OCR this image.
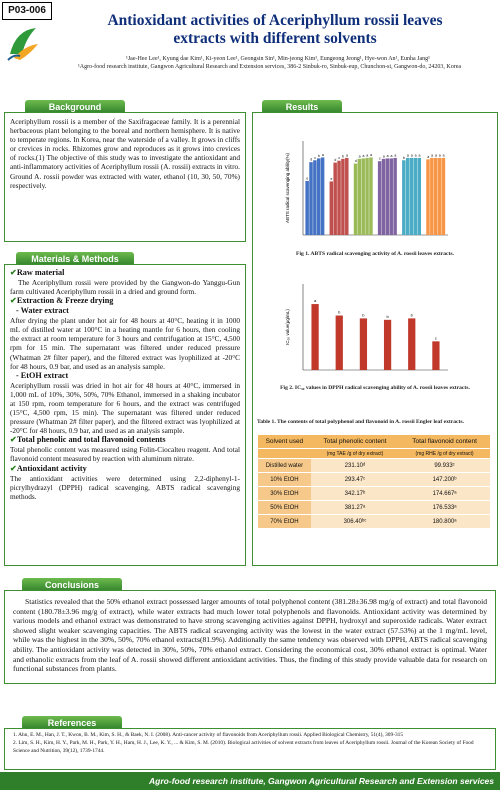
P03-006
Antioxidant activities of Aceriphyllum rossii leaves
extracts with different solvents
¹Jae-Hee Lee¹, Kyung dae Kim¹, Ki-yeon Lee¹, Geongsin Sin¹, Min-jeong Kim¹, Eungeong Jeong¹, Hye-won An¹, Eunha Jang¹
¹Agro-food research institute, Gangwon Agricultural Research and Extension services, 386-2 Sinbuk-ro, Sinbuk-eup, Chunchon-si, Gangwon-do, 24203, Korea
Background
Aceriphyllum rossii is a member of the Saxifragaceae family. It is a perennial herbaceous plant belonging to the boreal and northern hemisphere. It is native to temperate regions. In Korea, near the waterside of a valley. It grows in cliffs or crevices in rocks. Rhizomes grow and reproduces as it grows into crevices of rocks.(1) The objective of this study was to investigate the antioxidant and anti-inflammatory activities of Aceriphyllum rossii (A. rossii) extracts in vitro. Ground A. rossii powder was extracted with water, ethanol (10, 30, 50, 70%) respectively.
Materials & Methods
✔Raw material

The Aceriphyllum rossii were provided by the Gangwon-do Yanggu-Gun farm cultivated Aceriphyllum rossii in a dried and ground form.

✔Extraction & Freeze drying
- Water extract

After drying the plant under hot air for 48 hours at 40°C, heating it in 1000 mL of distilled water at 100°C in a heating mantle for 6 hours, then cooling the extract at room temperature for 3 hours and centrifugation at 15°C, 4,500 rpm for 15 min. The supernatant was filtered under reduced pressure (Whatman 2# filter paper), and the filtered extract was lyophilized at -20°C for 48 hours, 0.9 bar, and used as an analysis sample.

- EtOH extract

Aceriphyllum rossii was dried in hot air for 48 hours at 40°C, immersed in 1,000 mL of 10%, 30%, 50%, 70% Ethanol, immersed in a shaking incubator at 150 rpm, room temperature for 6 hours, and the extract was centrifuged (15°C, 4,500 rpm, 15 min). The supernatant was filtered under reduced pressure (Whatman 2# filter paper), and the filtered extract was lyophilized at -20°C for 48 hours, 0.9 bar, and used as an analysis sample.

✔Total phenolic and total flavonoid contents

Total phenolic content was measured using Folin-Ciocalteu reagent. And total flavonoid content measured by reaction with aluminum nitrate.

✔Antioxidant activity

The antioxidant activities were determined using 2,2-diphenyl-1-picrylhydrazyl (DPPH) radical scavenging, ABTS radical scavenging methods.

Results
ABTS radical scavenging ability(%)	e
d c b a
e
d c b a
d
a a a a
c
a a a a
b
a a a a a a a a a
Fig 1. ABTS radical scavenging activity of A. rossii leaves extracts.
IC₅₀ value(μg/mL)
a
b
b	b	b
c
Fig 2. IC₅₀ values in DPPH radical scavenging ability of A. rossii leaves extracts.
Table 1. The contents of total polyphenol and flavonoid in A. rossii Engler leaf extracts.
Solvent used	Total phenolic content	Total flavonoid content
	(mg TAE /g of dry extract)	(mg RHE /g of dry extract)
Distilled water	231.10ᵈ	99.933ᶜ
10% EtOH	293.47ᶜ	147.200ᵇ
30% EtOH	342.17ᵇ	174.667ᵃ
50% EtOH	381.27ᵃ	176.533ᵃ
70% EtOH	306.40ᵇᶜ	180.800ᵃ
Conclusions
Statistics revealed that the 50% ethanol extract possessed larger amounts of total polyphenol content (381.28±36.98 mg/g of extract) and total flavonoid content (180.78±3.96 mg/g of extract), while water extracts had much lower total polyphenols and flavonoids. Antioxidant activity was determined by various models and ethanol extract was demonstrated to have strong scavenging activities against DPPH, hydroxyl and superoxide radicals. Water extract showed slight weaker scavenging capacities. The ABTS radical scavenging activity was the lowest in the water extract (57.53%) at the 1 mg/mL level, while was the highest in the 30%, 50%, 70% ethanol extracts(81.9%). Additionally the same tendency was observed with DPPH, ABTS radical scavenging ability. The antioxidant activity was detected in 30%, 50%, 70% ethanol extract. Considering the economical cost, 30% ethanol extract is optimal. Water and ethanolic extracts from the leaf of A. rossii showed different antioxidant activities. Thus, the finding of this study provide valuable data for research on functional substances from plants.
References
1. Ahn, E. M., Han, J. T., Kwon, B. M., Kim, S. H., & Baek, N. I. (2008). Anti-cancer activity of flavonoids from Aceriphyllum rossii. Applied Biological Chemistry, 51(4), 309-315
2. Lim, S. H., Kim, H. Y., Park, M. H., Park, Y. H., Ham, H. J., Lee, K. Y., ... & Kim, S. M. (2010). Biological activities of solvent extracts from leaves of Aceriphyllum rossii. Journal of the Korean Society of Food Science and Nutrition, 39(12), 1739-1744.
Agro-food research institute, Gangwon Agricultural Research and Extension services
